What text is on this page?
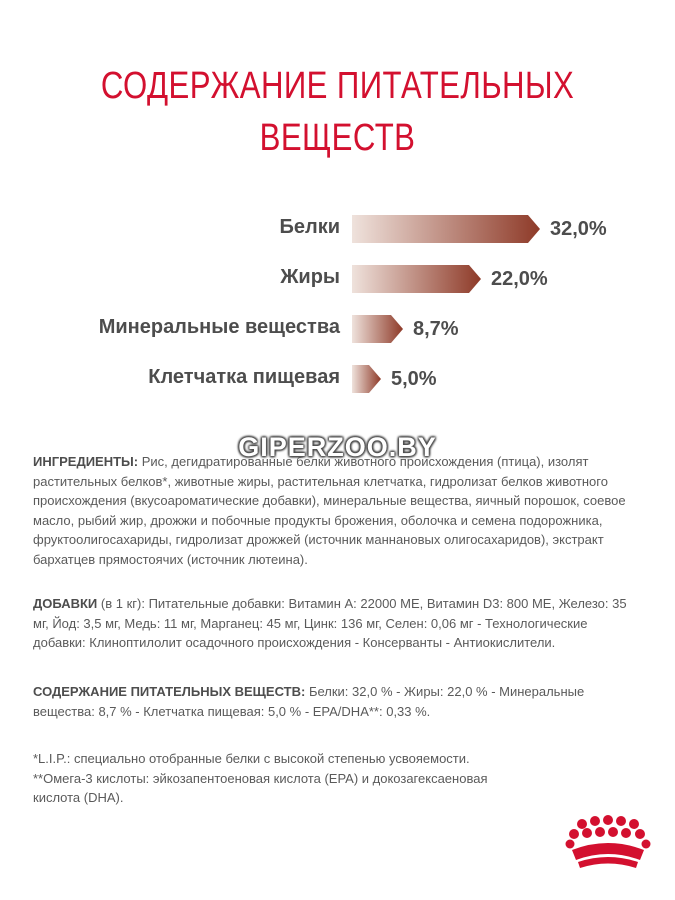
СОДЕРЖАНИЕ ПИТАТЕЛЬНЫХ
ВЕЩЕСТВ
Белки	32,0%
Жиры	22,0%
Минеральные вещества	8,7%
Клетчатка пищевая	5,0%
GIPERZOO.BY
ИНГРЕДИЕНТЫ: Рис, дегидратированные белки животного происхождения (птица), изолят растительных белков*, животные жиры, растительная клетчатка, гидролизат белков животного происхождения (вкусоароматические добавки), минеральные вещества, яичный порошок, соевое масло, рыбий жир, дрожжи и побочные продукты брожения, оболочка и семена подорожника, фруктоолигосахариды, гидролизат дрожжей (источник маннановых олигосахаридов), экстракт бархатцев прямостоячих (источник лютеина).
ДОБАВКИ (в 1 кг): Питательные добавки: Витамин А: 22000 МЕ, Витамин D3: 800 МЕ, Железо: 35 мг, Йод: 3,5 мг, Медь: 11 мг, Марганец: 45 мг, Цинк: 136 мг, Селен: 0,06 мг - Технологические добавки: Клиноптилолит осадочного происхождения - Консерванты - Антиокислители.
СОДЕРЖАНИЕ ПИТАТЕЛЬНЫХ ВЕЩЕСТВ: Белки: 32,0 % - Жиры: 22,0 % - Минеральные вещества: 8,7 % - Клетчатка пищевая: 5,0 % - EPA/DHA**: 0,33 %.
*L.I.P.: специально отобранные белки с высокой степенью усвояемости.
**Омега-3 кислоты: эйкозапентоеновая кислота (EPA) и докозагексаеновая
кислота (DHA).
